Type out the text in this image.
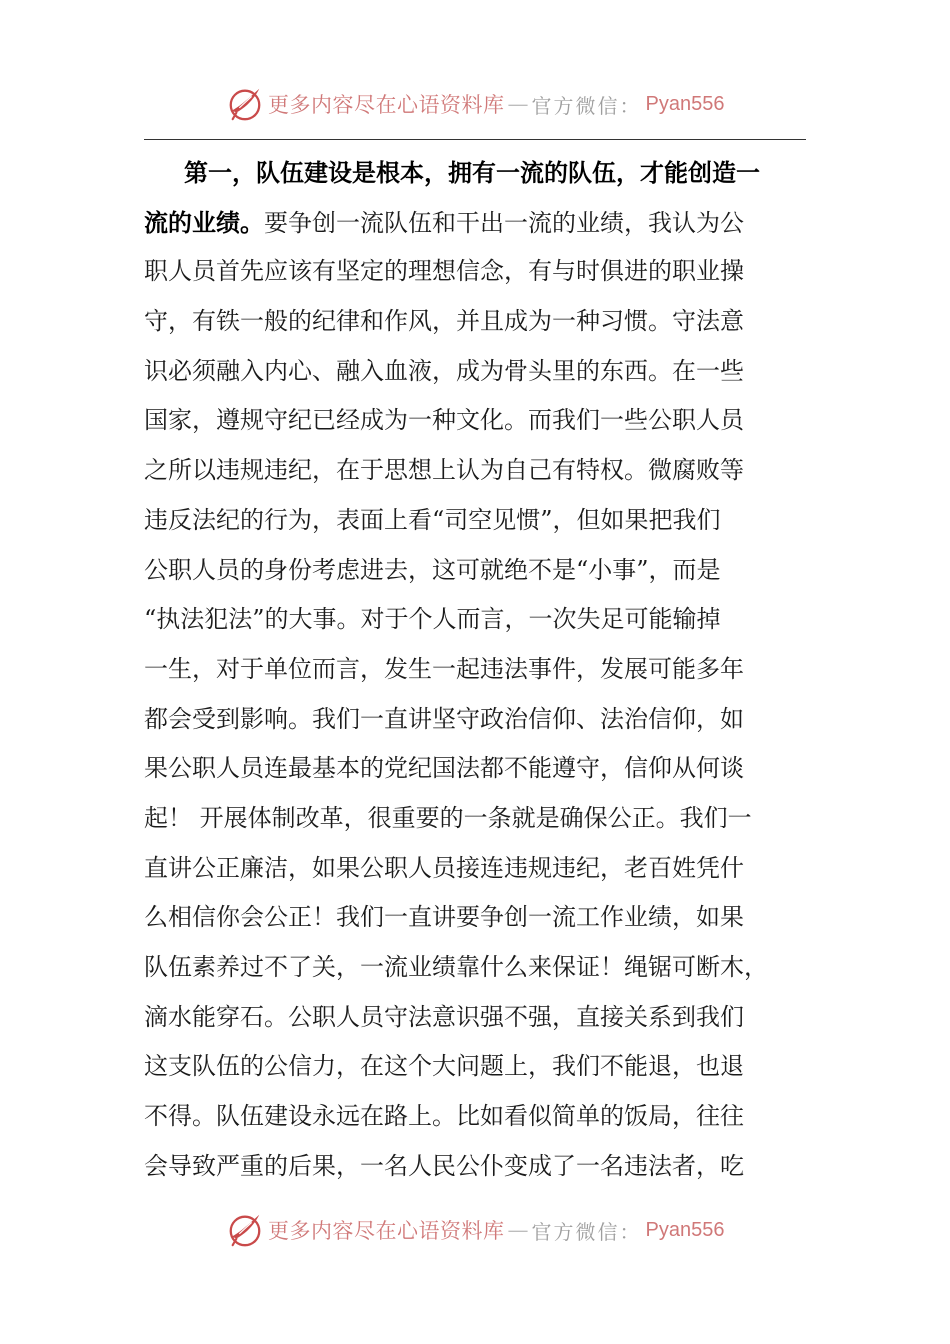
更多内容尽在心语资料库 — 官方微信： Pyan556
第一，队伍建设是根本，拥有一流的队伍，才能创造一
流的业绩。要争创一流队伍和干出一流的业绩，我认为公
职人员首先应该有坚定的理想信念，有与时俱进的职业操
守，有铁一般的纪律和作风，并且成为一种习惯。守法意
识必须融入内心、融入血液，成为骨头里的东西。在一些
国家，遵规守纪已经成为一种文化。而我们一些公职人员
之所以违规违纪，在于思想上认为自己有特权。微腐败等
违反法纪的行为，表面上看“司空见惯”，但如果把我们
公职人员的身份考虑进去，这可就绝不是“小事”，而是
“执法犯法”的大事。对于个人而言，一次失足可能输掉
一生，对于单位而言，发生一起违法事件，发展可能多年
都会受到影响。我们一直讲坚守政治信仰、法治信仰，如
果公职人员连最基本的党纪国法都不能遵守，信仰从何谈
起！ 开展体制改革，很重要的一条就是确保公正。我们一
直讲公正廉洁，如果公职人员接连违规违纪，老百姓凭什
么相信你会公正！我们一直讲要争创一流工作业绩，如果
队伍素养过不了关，一流业绩靠什么来保证！绳锯可断木，
滴水能穿石。公职人员守法意识强不强，直接关系到我们
这支队伍的公信力，在这个大问题上，我们不能退，也退
不得。队伍建设永远在路上。比如看似简单的饭局，往往
会导致严重的后果，一名人民公仆变成了一名违法者，吃
更多内容尽在心语资料库 — 官方微信： Pyan556
